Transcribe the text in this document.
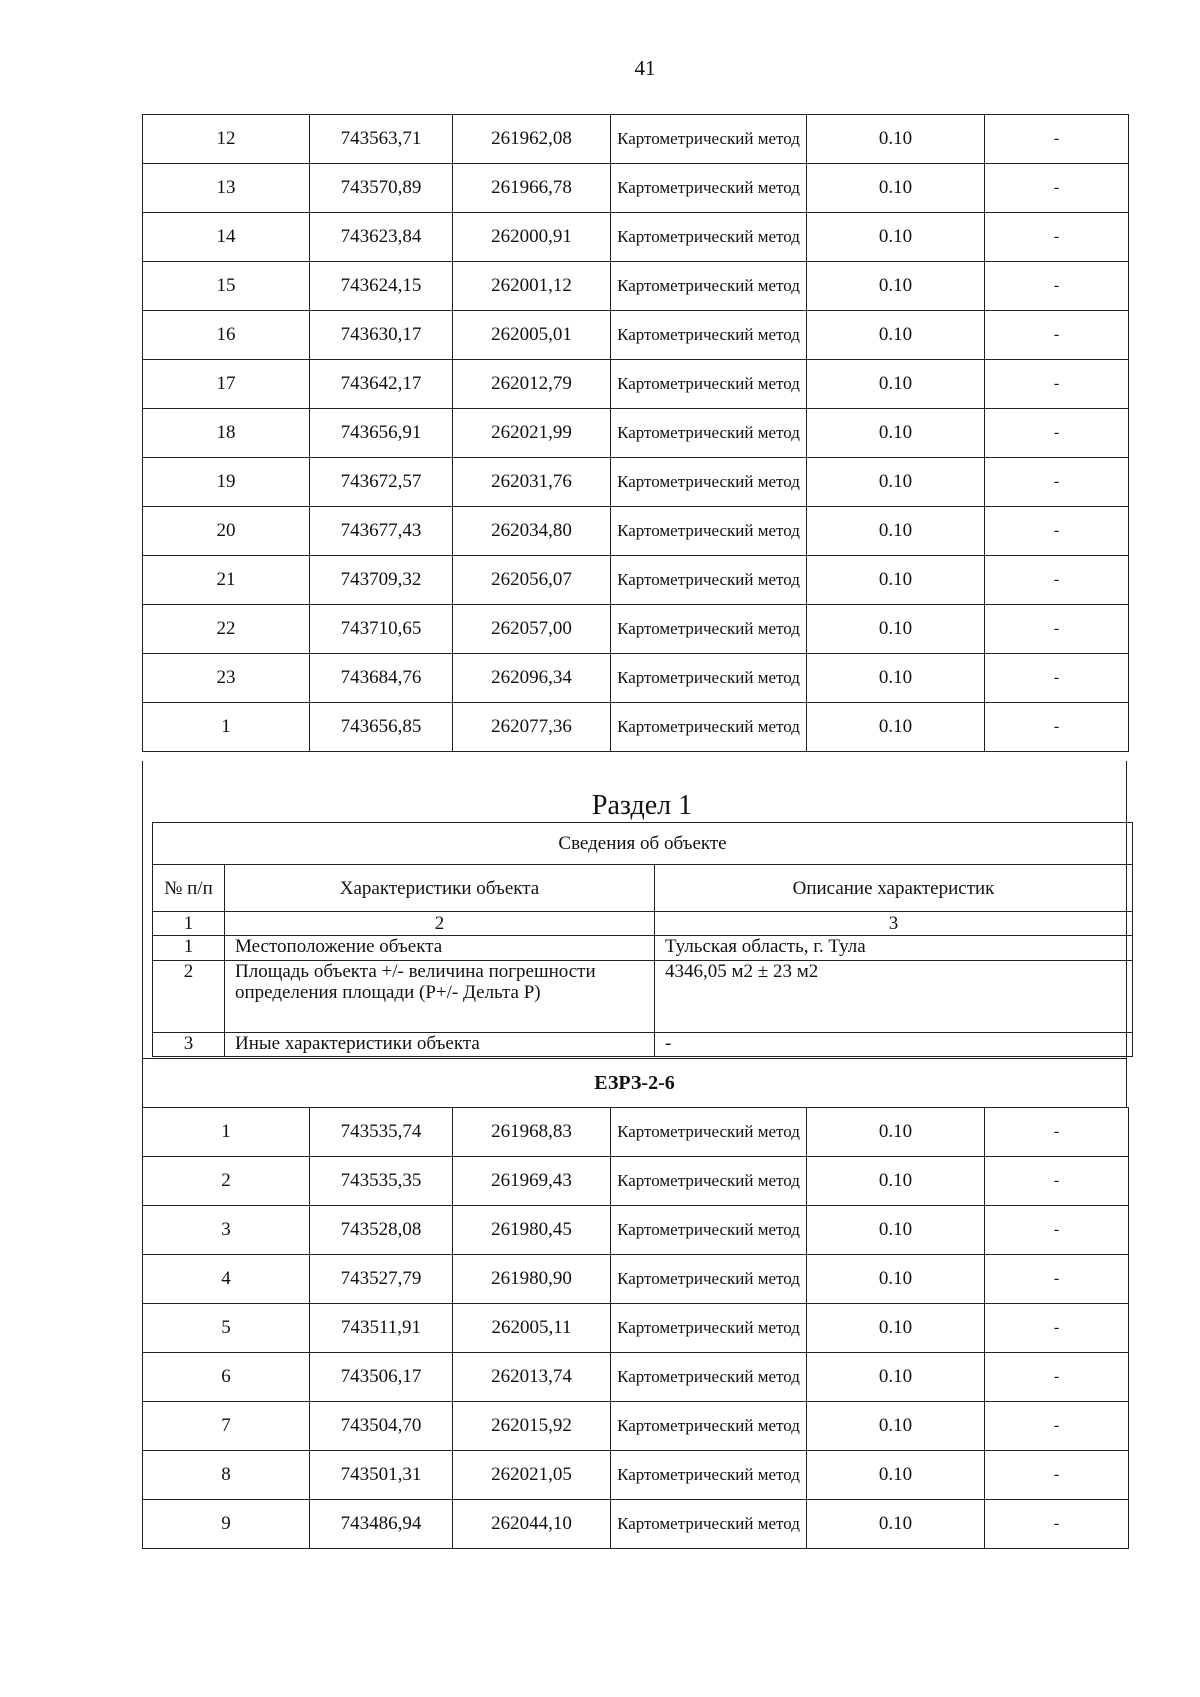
41
12	743563,71	261962,08	Картометрический метод	0.10	-
13	743570,89	261966,78	Картометрический метод	0.10	-
14	743623,84	262000,91	Картометрический метод	0.10	-
15	743624,15	262001,12	Картометрический метод	0.10	-
16	743630,17	262005,01	Картометрический метод	0.10	-
17	743642,17	262012,79	Картометрический метод	0.10	-
18	743656,91	262021,99	Картометрический метод	0.10	-
19	743672,57	262031,76	Картометрический метод	0.10	-
20	743677,43	262034,80	Картометрический метод	0.10	-
21	743709,32	262056,07	Картометрический метод	0.10	-
22	743710,65	262057,00	Картометрический метод	0.10	-
23	743684,76	262096,34	Картометрический метод	0.10	-
1	743656,85	262077,36	Картометрический метод	0.10	-
Раздел 1
Сведения об объекте		
№ п/п	Характеристики объекта	Описание характеристик
1	2	3
1	Местоположение объекта	Тульская область, г. Тула
2	Площадь объекта +/- величина погрешности определения площади (P+/- Дельта P)	4346,05 м2 ± 23 м2
3	Иные характеристики объекта	-
ЕЗРЗ-2-6
1	743535,74	261968,83	Картометрический метод	0.10	-
2	743535,35	261969,43	Картометрический метод	0.10	-
3	743528,08	261980,45	Картометрический метод	0.10	-
4	743527,79	261980,90	Картометрический метод	0.10	-
5	743511,91	262005,11	Картометрический метод	0.10	-
6	743506,17	262013,74	Картометрический метод	0.10	-
7	743504,70	262015,92	Картометрический метод	0.10	-
8	743501,31	262021,05	Картометрический метод	0.10	-
9	743486,94	262044,10	Картометрический метод	0.10	-
